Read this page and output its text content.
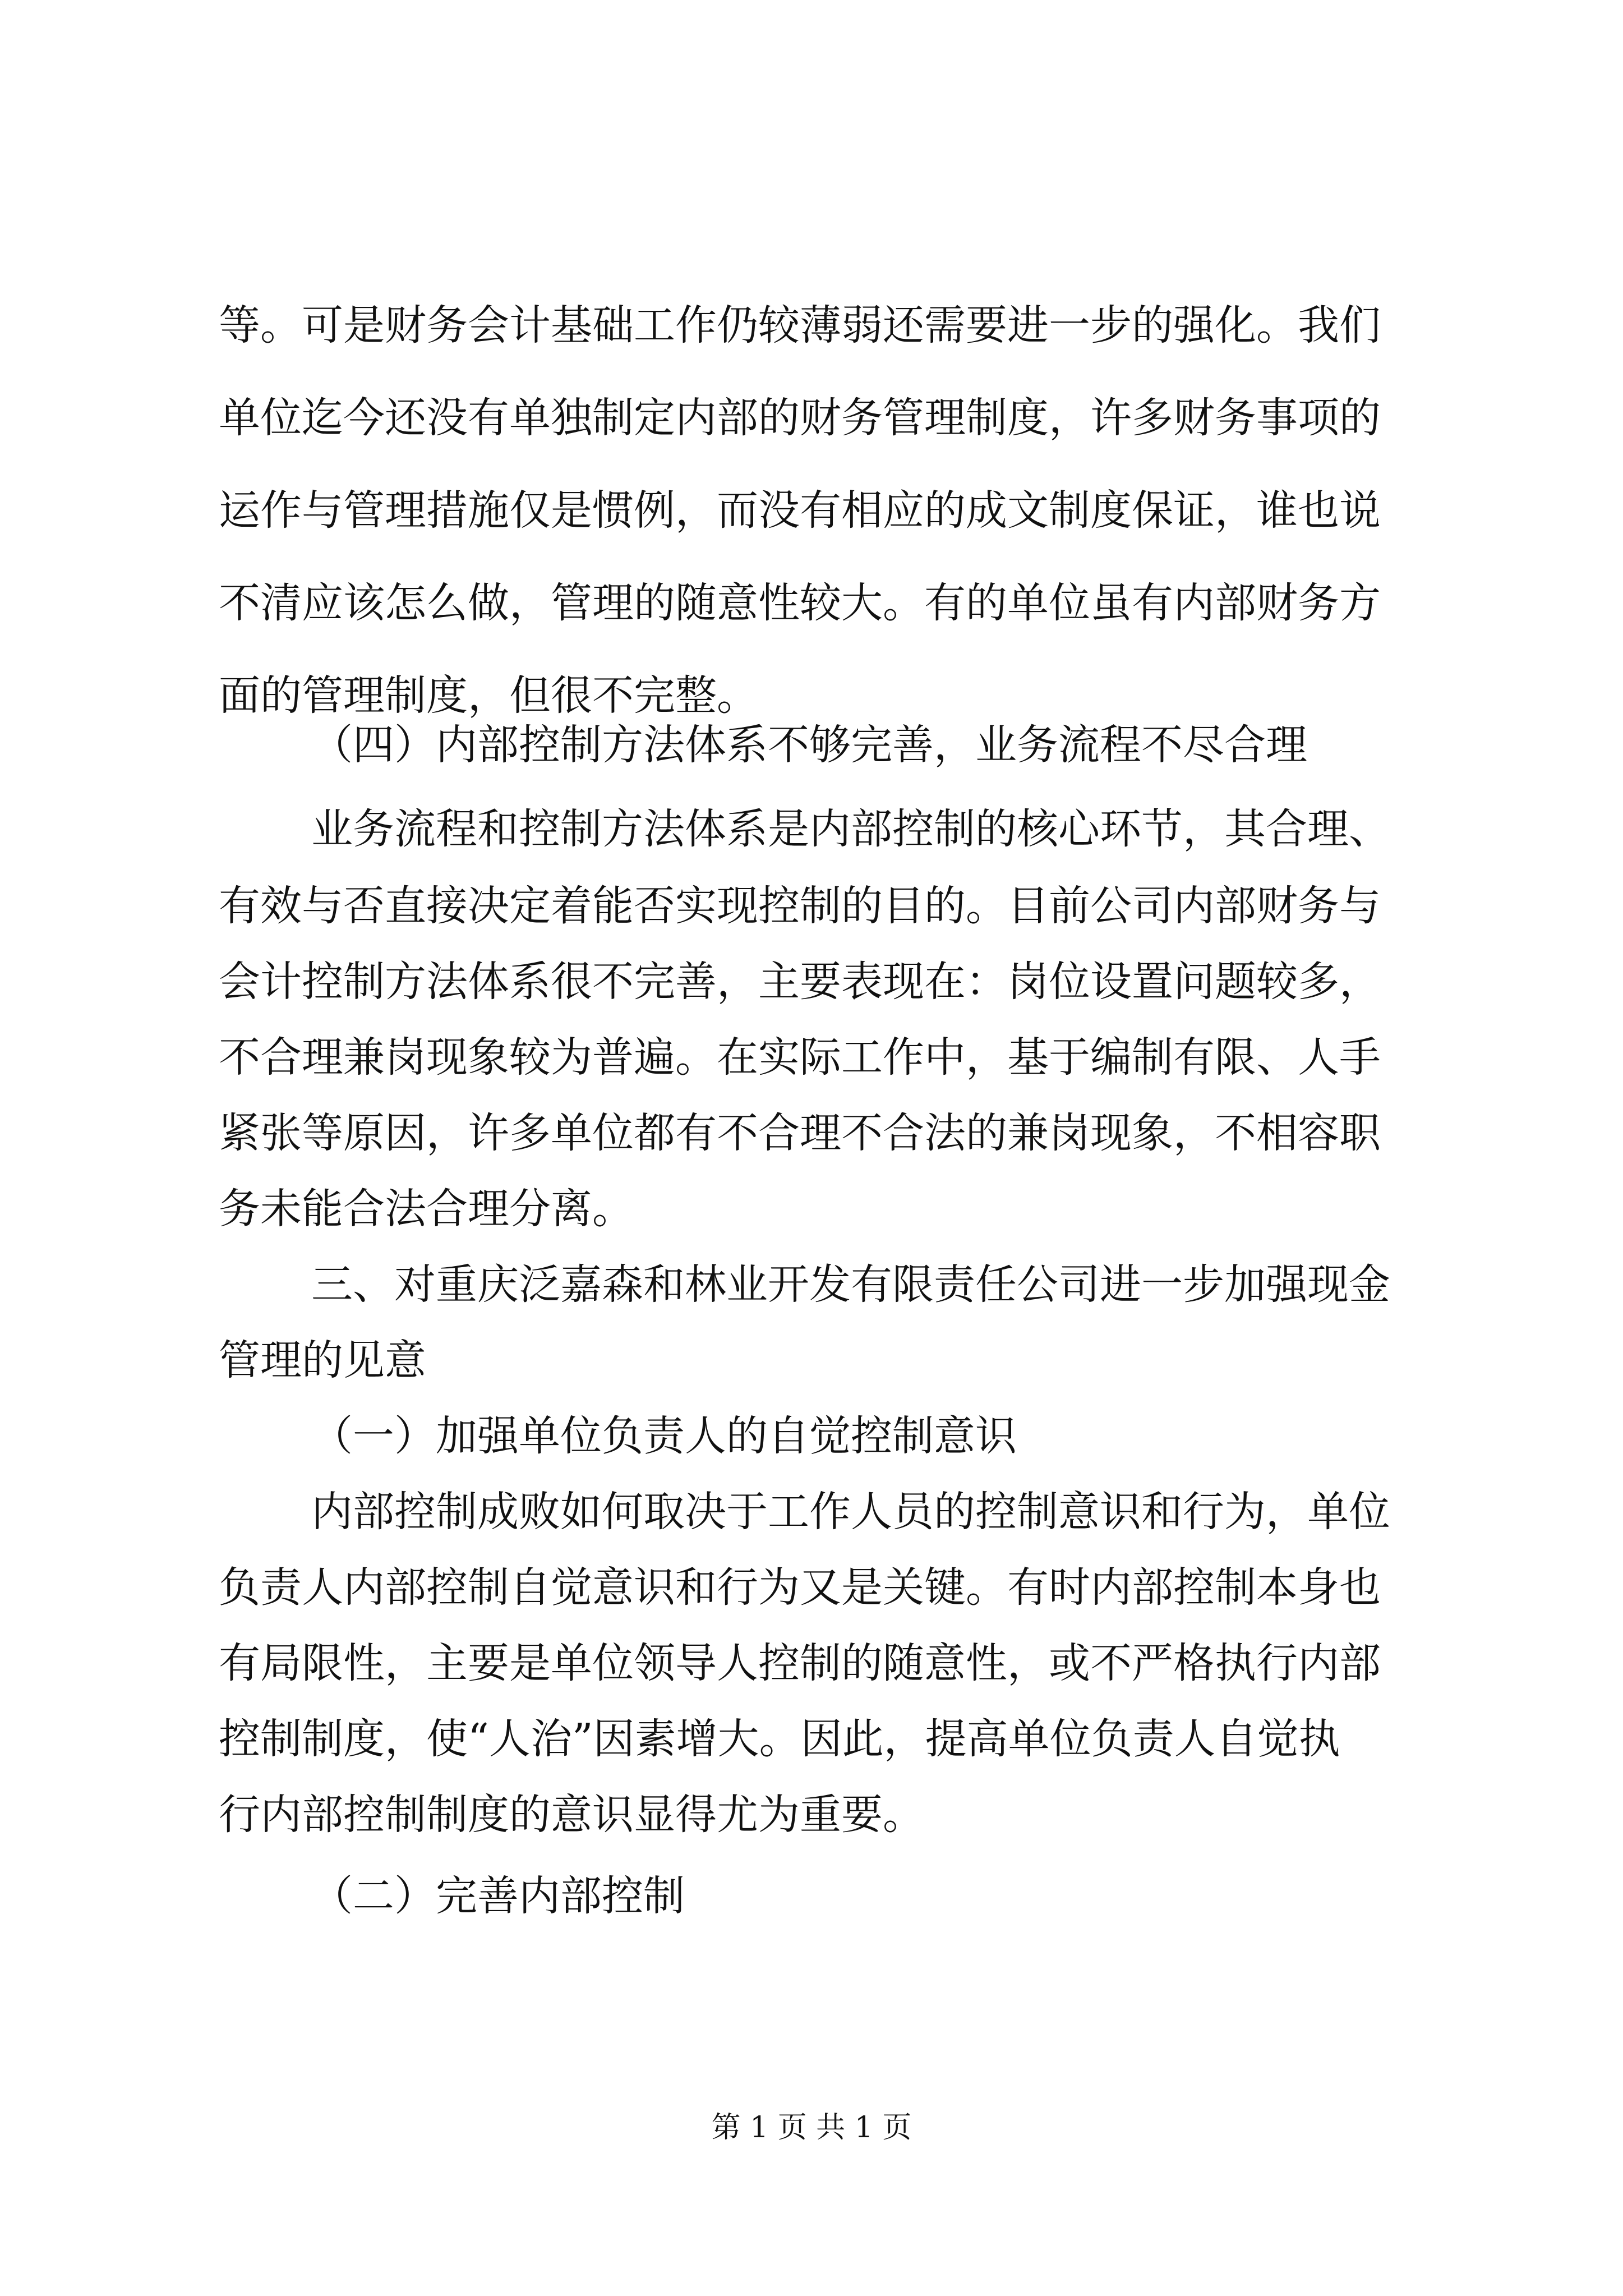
等。可是财务会计基础工作仍较薄弱还需要进一步的强化。我们

单位迄今还没有单独制定内部的财务管理制度，许多财务事项的

运作与管理措施仅是惯例，而没有相应的成文制度保证，谁也说

不清应该怎么做，管理的随意性较大。有的单位虽有内部财务方

面的管理制度，但很不完整。

（四）内部控制方法体系不够完善，业务流程不尽合理

业务流程和控制方法体系是内部控制的核心环节，其合理、

有效与否直接决定着能否实现控制的目的。目前公司内部财务与

会计控制方法体系很不完善，主要表现在：岗位设置问题较多，

不合理兼岗现象较为普遍。在实际工作中，基于编制有限、人手

紧张等原因，许多单位都有不合理不合法的兼岗现象，不相容职

务未能合法合理分离。

三、对重庆泛嘉森和林业开发有限责任公司进一步加强现金

管理的见意

（一）加强单位负责人的自觉控制意识

内部控制成败如何取决于工作人员的控制意识和行为，单位

负责人内部控制自觉意识和行为又是关键。有时内部控制本身也

有局限性，主要是单位领导人控制的随意性，或不严格执行内部

控制制度，使“人治”因素增大。因此，提高单位负责人自觉执

行内部控制制度的意识显得尤为重要。

（二）完善内部控制

第 1 页 共 1 页
